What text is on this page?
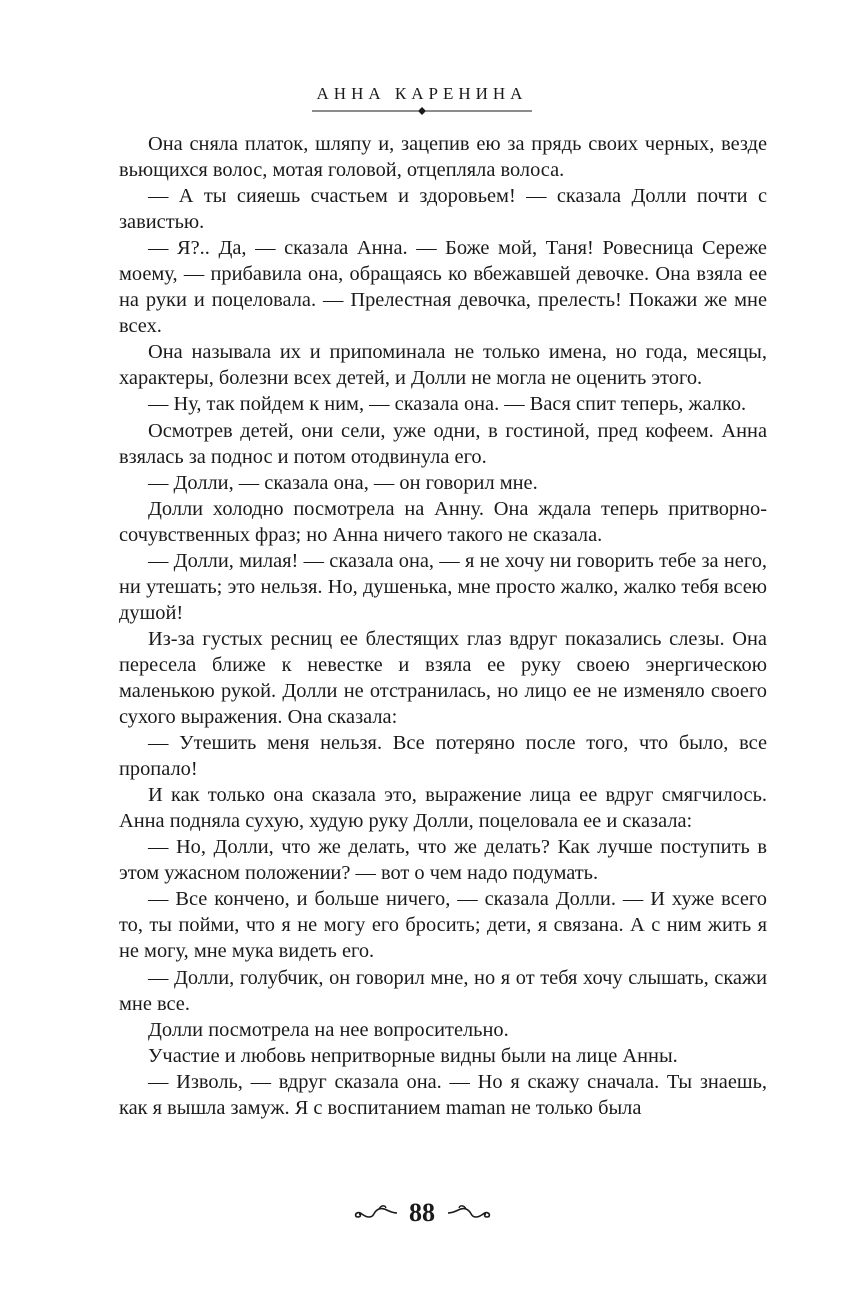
АННА КАРЕНИНА

Она сняла платок, шляпу и, зацепив ею за прядь своих черных, везде вьющихся волос, мотая головой, отцепляла волоса.

— А ты сияешь счастьем и здоровьем! — сказала Долли почти с завистью.

— Я?.. Да, — сказала Анна. — Боже мой, Таня! Ровесница Сереже моему, — прибавила она, обращаясь ко вбежавшей девочке. Она взяла ее на руки и поцеловала. — Прелестная девочка, прелесть! Покажи же мне всех.

Она называла их и припоминала не только имена, но года, месяцы, характеры, болезни всех детей, и Долли не могла не оценить этого.

— Ну, так пойдем к ним, — сказала она. — Вася спит теперь, жалко.

Осмотрев детей, они сели, уже одни, в гостиной, пред кофеем. Анна взялась за поднос и потом отодвинула его.

— Долли, — сказала она, — он говорил мне.

Долли холодно посмотрела на Анну. Она ждала теперь притворно-сочувственных фраз; но Анна ничего такого не сказала.

— Долли, милая! — сказала она, — я не хочу ни говорить тебе за него, ни утешать; это нельзя. Но, душенька, мне просто жалко, жалко тебя всею душой!

Из-за густых ресниц ее блестящих глаз вдруг показались слезы. Она пересела ближе к невестке и взяла ее руку своею энергическою маленькою рукой. Долли не отстранилась, но лицо ее не изменяло своего сухого выражения. Она сказала:

— Утешить меня нельзя. Все потеряно после того, что было, все пропало!

И как только она сказала это, выражение лица ее вдруг смягчилось. Анна подняла сухую, худую руку Долли, поцеловала ее и сказала:

— Но, Долли, что же делать, что же делать? Как лучше поступить в этом ужасном положении? — вот о чем надо подумать.

— Все кончено, и больше ничего, — сказала Долли. — И хуже всего то, ты пойми, что я не могу его бросить; дети, я связана. А с ним жить я не могу, мне мука видеть его.

— Долли, голубчик, он говорил мне, но я от тебя хочу слышать, скажи мне все.

Долли посмотрела на нее вопросительно.

Участие и любовь непритворные видны были на лице Анны.

— Изволь, — вдруг сказала она. — Но я скажу сначала. Ты знаешь, как я вышла замуж. Я с воспитанием maman не только была

88
